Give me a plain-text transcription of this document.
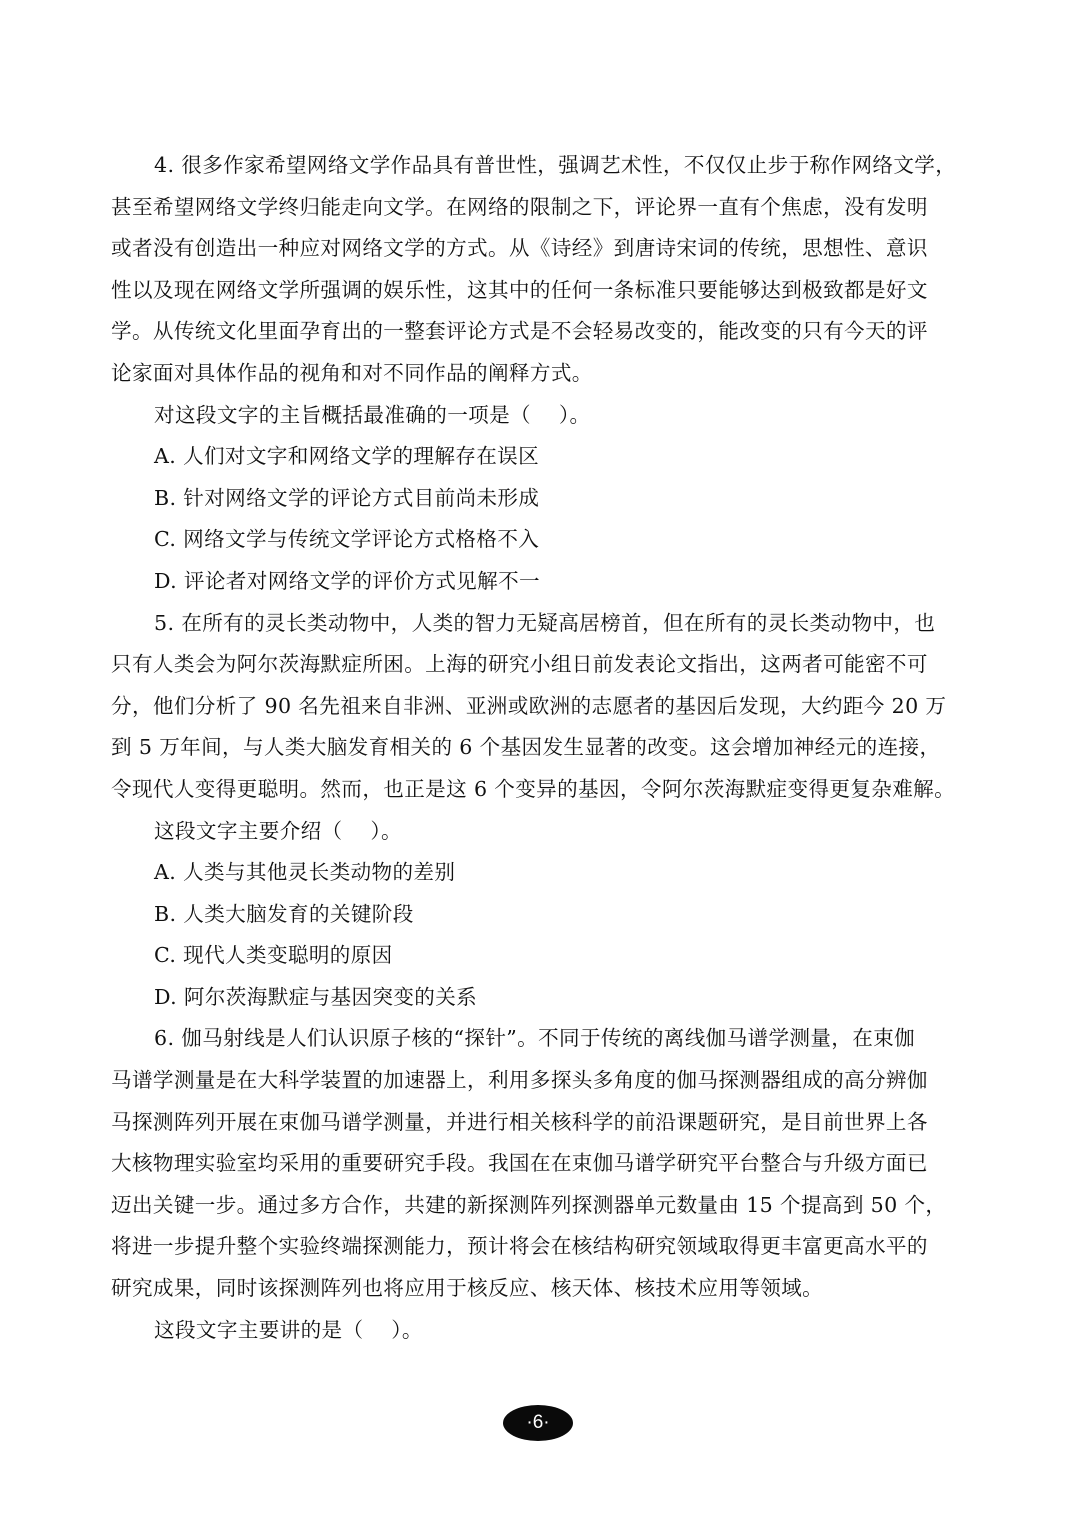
4. 很多作家希望网络文学作品具有普世性，强调艺术性，不仅仅止步于称作网络文学，
甚至希望网络文学终归能走向文学。在网络的限制之下，评论界一直有个焦虑，没有发明
或者没有创造出一种应对网络文学的方式。从《诗经》到唐诗宋词的传统，思想性、意识
性以及现在网络文学所强调的娱乐性，这其中的任何一条标准只要能够达到极致都是好文
学。从传统文化里面孕育出的一整套评论方式是不会轻易改变的，能改变的只有今天的评
论家面对具体作品的视角和对不同作品的阐释方式。
对这段文字的主旨概括最准确的一项是（　 ）。
A. 人们对文字和网络文学的理解存在误区
B. 针对网络文学的评论方式目前尚未形成
C. 网络文学与传统文学评论方式格格不入
D. 评论者对网络文学的评价方式见解不一
5. 在所有的灵长类动物中，人类的智力无疑高居榜首，但在所有的灵长类动物中，也
只有人类会为阿尔茨海默症所困。上海的研究小组日前发表论文指出，这两者可能密不可
分，他们分析了 90 名先祖来自非洲、亚洲或欧洲的志愿者的基因后发现，大约距今 20 万
到 5 万年间，与人类大脑发育相关的 6 个基因发生显著的改变。这会增加神经元的连接，
令现代人变得更聪明。然而，也正是这 6 个变异的基因，令阿尔茨海默症变得更复杂难解。
这段文字主要介绍（　 ）。
A. 人类与其他灵长类动物的差别
B. 人类大脑发育的关键阶段
C. 现代人类变聪明的原因
D. 阿尔茨海默症与基因突变的关系
6. 伽马射线是人们认识原子核的“探针”。不同于传统的离线伽马谱学测量，在束伽
马谱学测量是在大科学装置的加速器上，利用多探头多角度的伽马探测器组成的高分辨伽
马探测阵列开展在束伽马谱学测量，并进行相关核科学的前沿课题研究，是目前世界上各
大核物理实验室均采用的重要研究手段。我国在在束伽马谱学研究平台整合与升级方面已
迈出关键一步。通过多方合作，共建的新探测阵列探测器单元数量由 15 个提高到 50 个，
将进一步提升整个实验终端探测能力，预计将会在核结构研究领域取得更丰富更高水平的
研究成果，同时该探测阵列也将应用于核反应、核天体、核技术应用等领域。
这段文字主要讲的是（　 ）。
·6·
